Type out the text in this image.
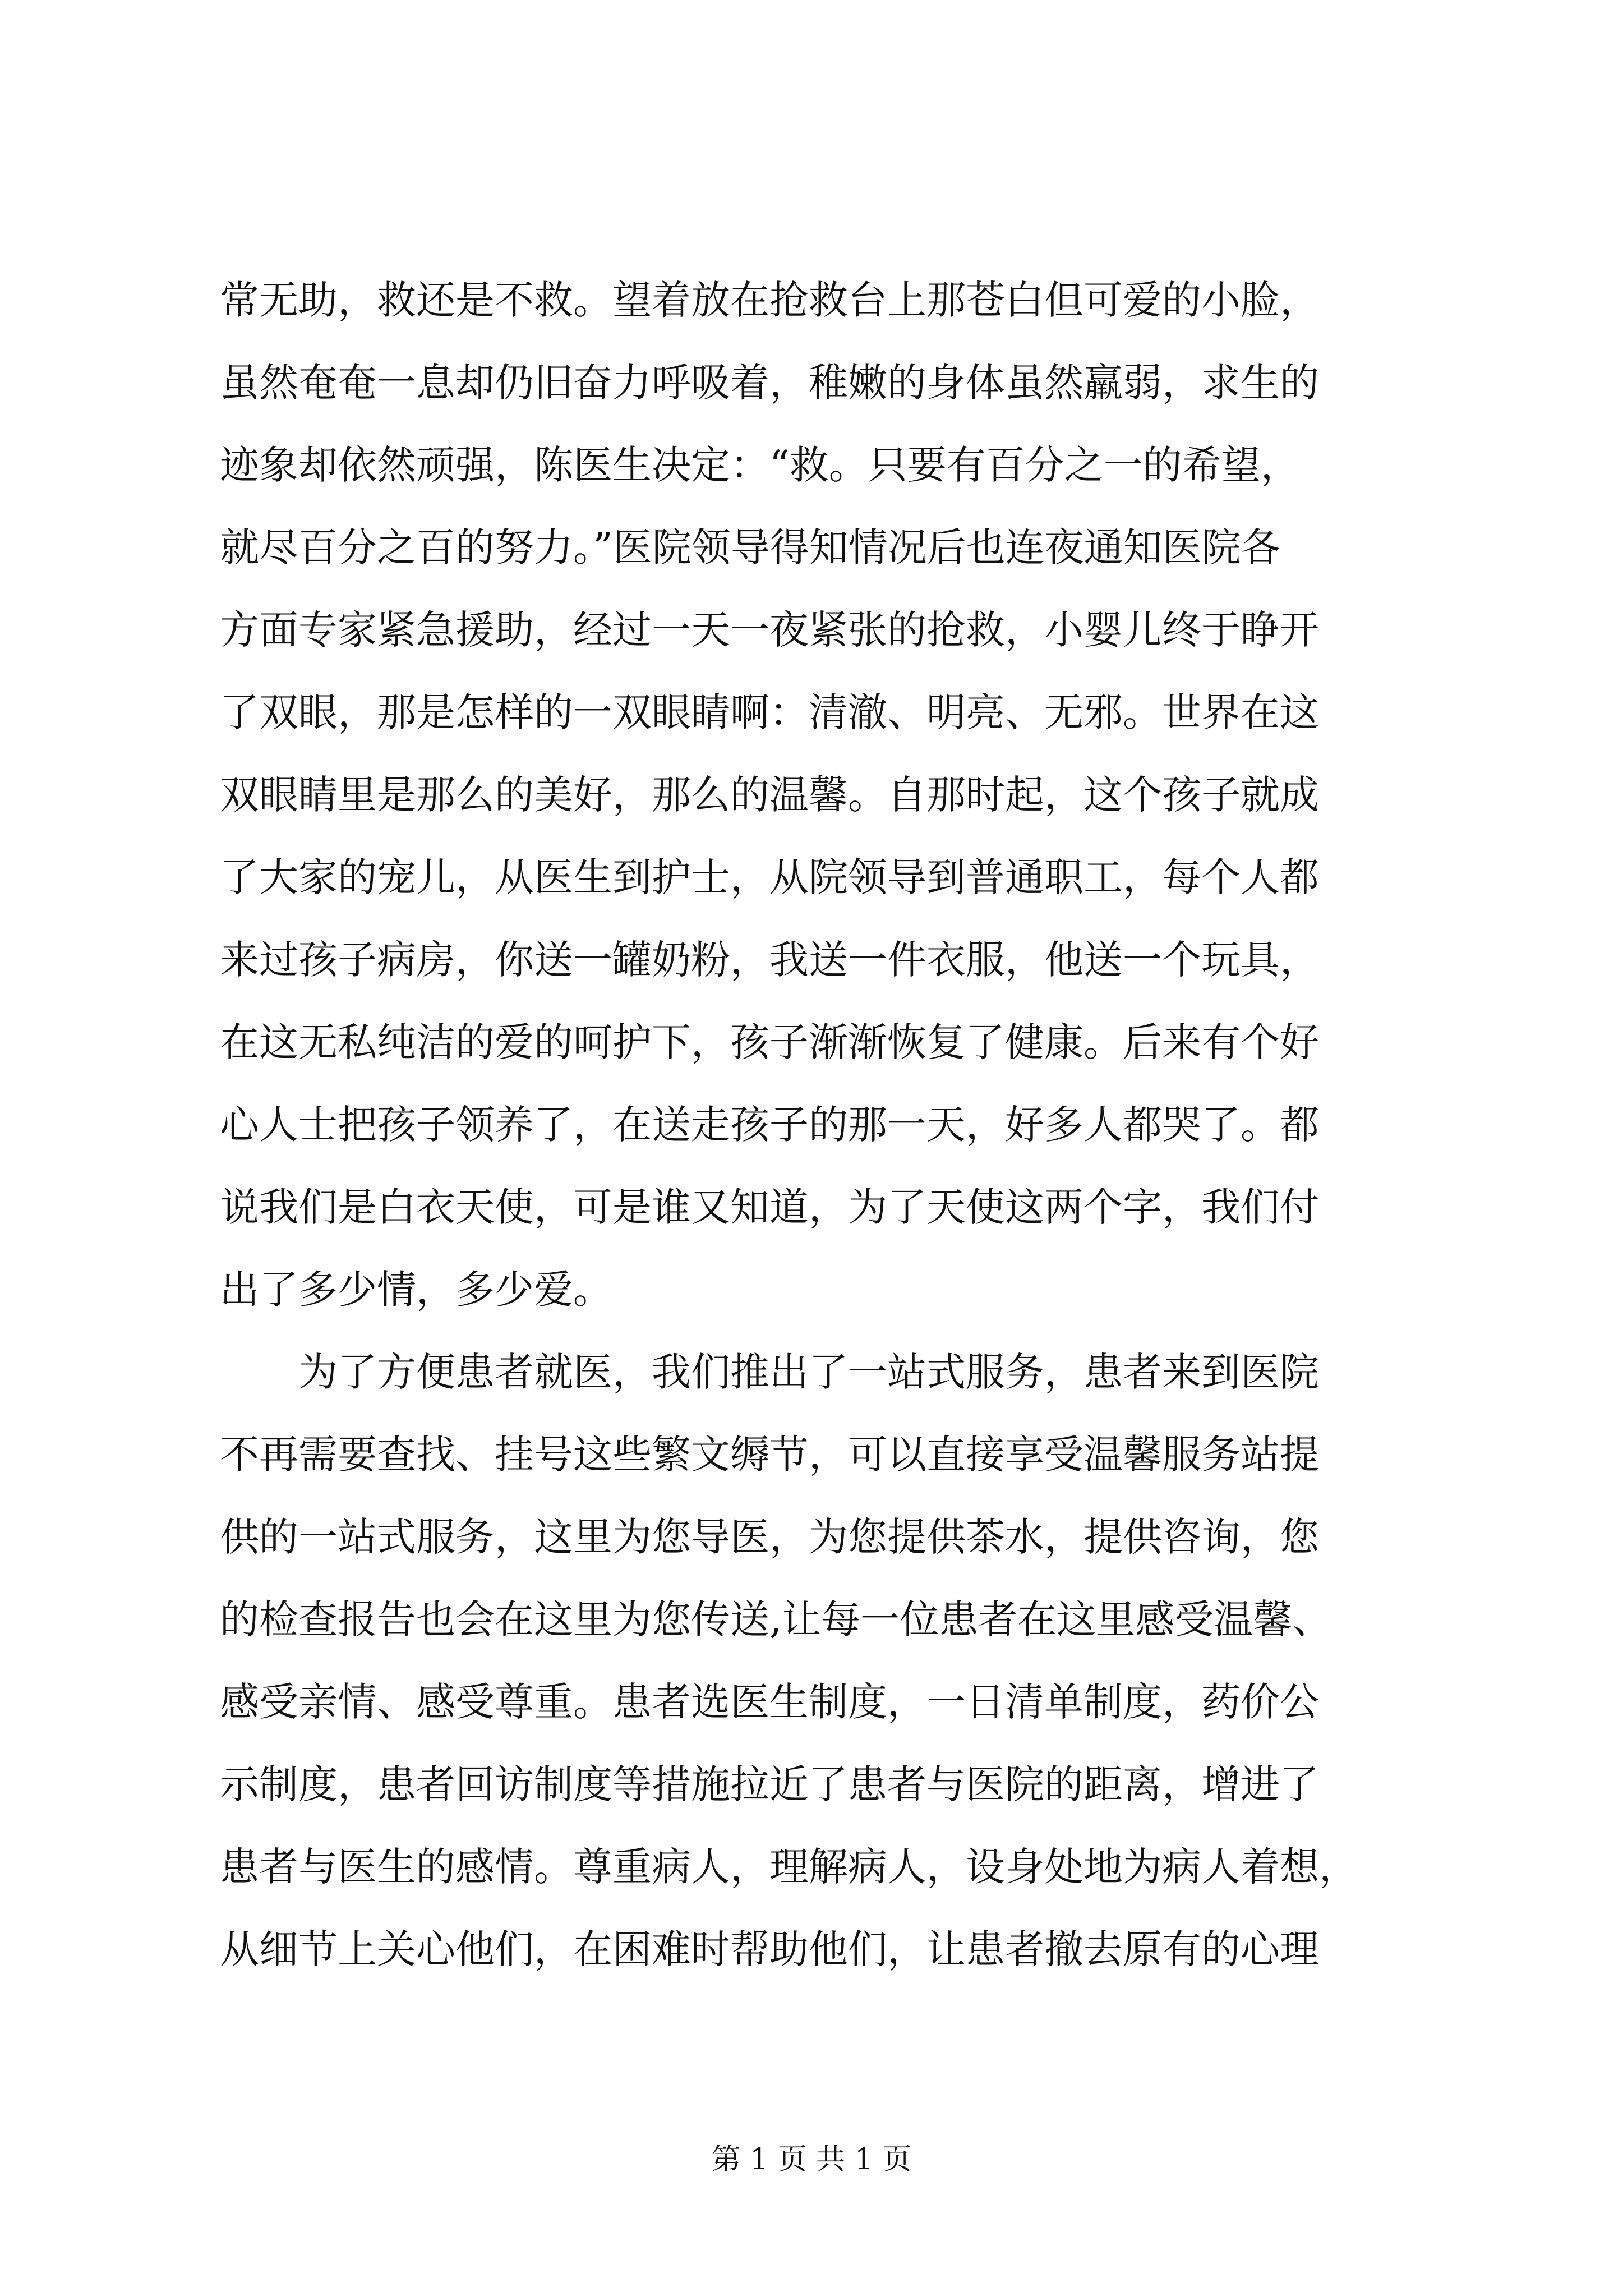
常无助，救还是不救。望着放在抢救台上那苍白但可爱的小脸，
虽然奄奄一息却仍旧奋力呼吸着，稚嫩的身体虽然羸弱，求生的
迹象却依然顽强，陈医生决定：“救。只要有百分之一的希望，
就尽百分之百的努力。”医院领导得知情况后也连夜通知医院各
方面专家紧急援助，经过一天一夜紧张的抢救，小婴儿终于睁开
了双眼，那是怎样的一双眼睛啊：清澈、明亮、无邪。世界在这
双眼睛里是那么的美好，那么的温馨。自那时起，这个孩子就成
了大家的宠儿，从医生到护士，从院领导到普通职工，每个人都
来过孩子病房，你送一罐奶粉，我送一件衣服，他送一个玩具，
在这无私纯洁的爱的呵护下，孩子渐渐恢复了健康。后来有个好
心人士把孩子领养了，在送走孩子的那一天，好多人都哭了。都
说我们是白衣天使，可是谁又知道，为了天使这两个字，我们付
出了多少情，多少爱。
　　为了方便患者就医，我们推出了一站式服务，患者来到医院
不再需要查找、挂号这些繁文缛节，可以直接享受温馨服务站提
供的一站式服务，这里为您导医，为您提供茶水，提供咨询，您
的检查报告也会在这里为您传送,让每一位患者在这里感受温馨、
感受亲情、感受尊重。患者选医生制度，一日清单制度，药价公
示制度，患者回访制度等措施拉近了患者与医院的距离，增进了
患者与医生的感情。尊重病人，理解病人，设身处地为病人着想，
从细节上关心他们，在困难时帮助他们，让患者撤去原有的心理
第 1 页 共 1 页
